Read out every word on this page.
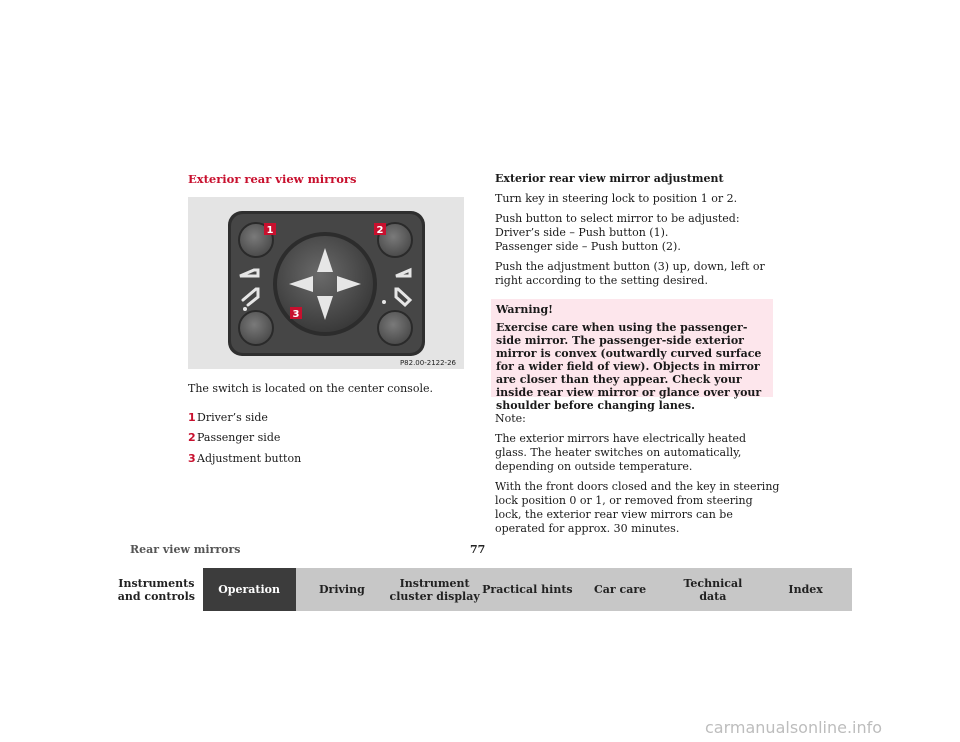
Exterior rear view mirrors
1	2
3
P82.00-2122-26
The switch is located on the center console.
1 Driver’s side
2 Passenger side
3 Adjustment button

Exterior rear view mirror adjustment

Turn key in steering lock to position 1 or 2.

Push button to select mirror to be adjusted:
Driver’s side – Push button (1).
Passenger side – Push button (2).

Push the adjustment button (3) up, down, left or right according to the setting desired.

Warning!
Exercise care when using the passenger-side mirror. The passenger-side exterior mirror is convex (outwardly curved surface for a wider field of view). Objects in mirror are closer than they appear. Check your inside rear view mirror or glance over your shoulder before changing lanes.

Note:

The exterior mirrors have electrically heated glass. The heater switches on automatically, depending on outside temperature.

With the front doors closed and the key in steering lock position 0 or 1, or removed from steering lock, the exterior rear view mirrors can be operated for approx. 30 minutes.

Rear view mirrors	77
Instruments
and controls	Operation	Driving	Instrument
cluster display Practical hints	Car care	Technical
data	Index
carmanualsonline.info
